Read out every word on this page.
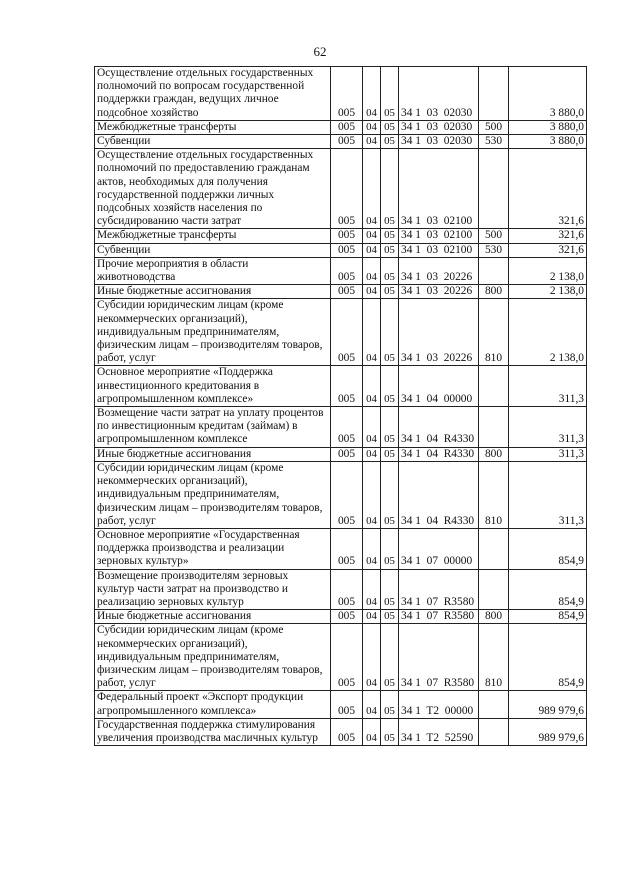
62
Осуществление отдельных государственных полномочий по вопросам государственной поддержки граждан, ведущих личное подсобное хозяйство	005	04	05	34 1  03  02030		3 880,0
Межбюджетные трансферты	005	04	05	34 1  03  02030	500	3 880,0
Субвенции	005	04	05	34 1  03  02030	530	3 880,0
Осуществление отдельных государственных полномочий по предоставлению гражданам актов, необходимых для получения государственной поддержки личных подсобных хозяйств населения по субсидированию части затрат	005	04	05	34 1  03  02100		321,6
Межбюджетные трансферты	005	04	05	34 1  03  02100	500	321,6
Субвенции	005	04	05	34 1  03  02100	530	321,6
Прочие мероприятия в области животноводства	005	04	05	34 1  03  20226		2 138,0
Иные бюджетные ассигнования	005	04	05	34 1  03  20226	800	2 138,0
Субсидии юридическим лицам (кроме некоммерческих организаций), индивидуальным предпринимателям, физическим лицам – производителям товаров, работ, услуг	005	04	05	34 1  03  20226	810	2 138,0
Основное мероприятие «Поддержка инвестиционного кредитования в агропромышленном комплексе»	005	04	05	34 1  04  00000		311,3
Возмещение части затрат на уплату процентов по инвестиционным кредитам (займам) в агропромышленном комплексе	005	04	05	34 1  04  R4330		311,3
Иные бюджетные ассигнования	005	04	05	34 1  04  R4330	800	311,3
Субсидии юридическим лицам (кроме некоммерческих организаций), индивидуальным предпринимателям, физическим лицам – производителям товаров, работ, услуг	005	04	05	34 1  04  R4330	810	311,3
Основное мероприятие «Государственная поддержка производства и реализации зерновых культур»	005	04	05	34 1  07  00000		854,9
Возмещение производителям зерновых культур части затрат на производство и реализацию зерновых культур	005	04	05	34 1  07  R3580		854,9
Иные бюджетные ассигнования	005	04	05	34 1  07  R3580	800	854,9
Субсидии юридическим лицам (кроме некоммерческих организаций), индивидуальным предпринимателям, физическим лицам – производителям товаров, работ, услуг	005	04	05	34 1  07  R3580	810	854,9
Федеральный проект «Экспорт продукции агропромышленного комплекса»	005	04	05	34 1  T2  00000		989 979,6
Государственная поддержка стимулирования увеличения производства масличных культур	005	04	05	34 1  T2  52590		989 979,6
